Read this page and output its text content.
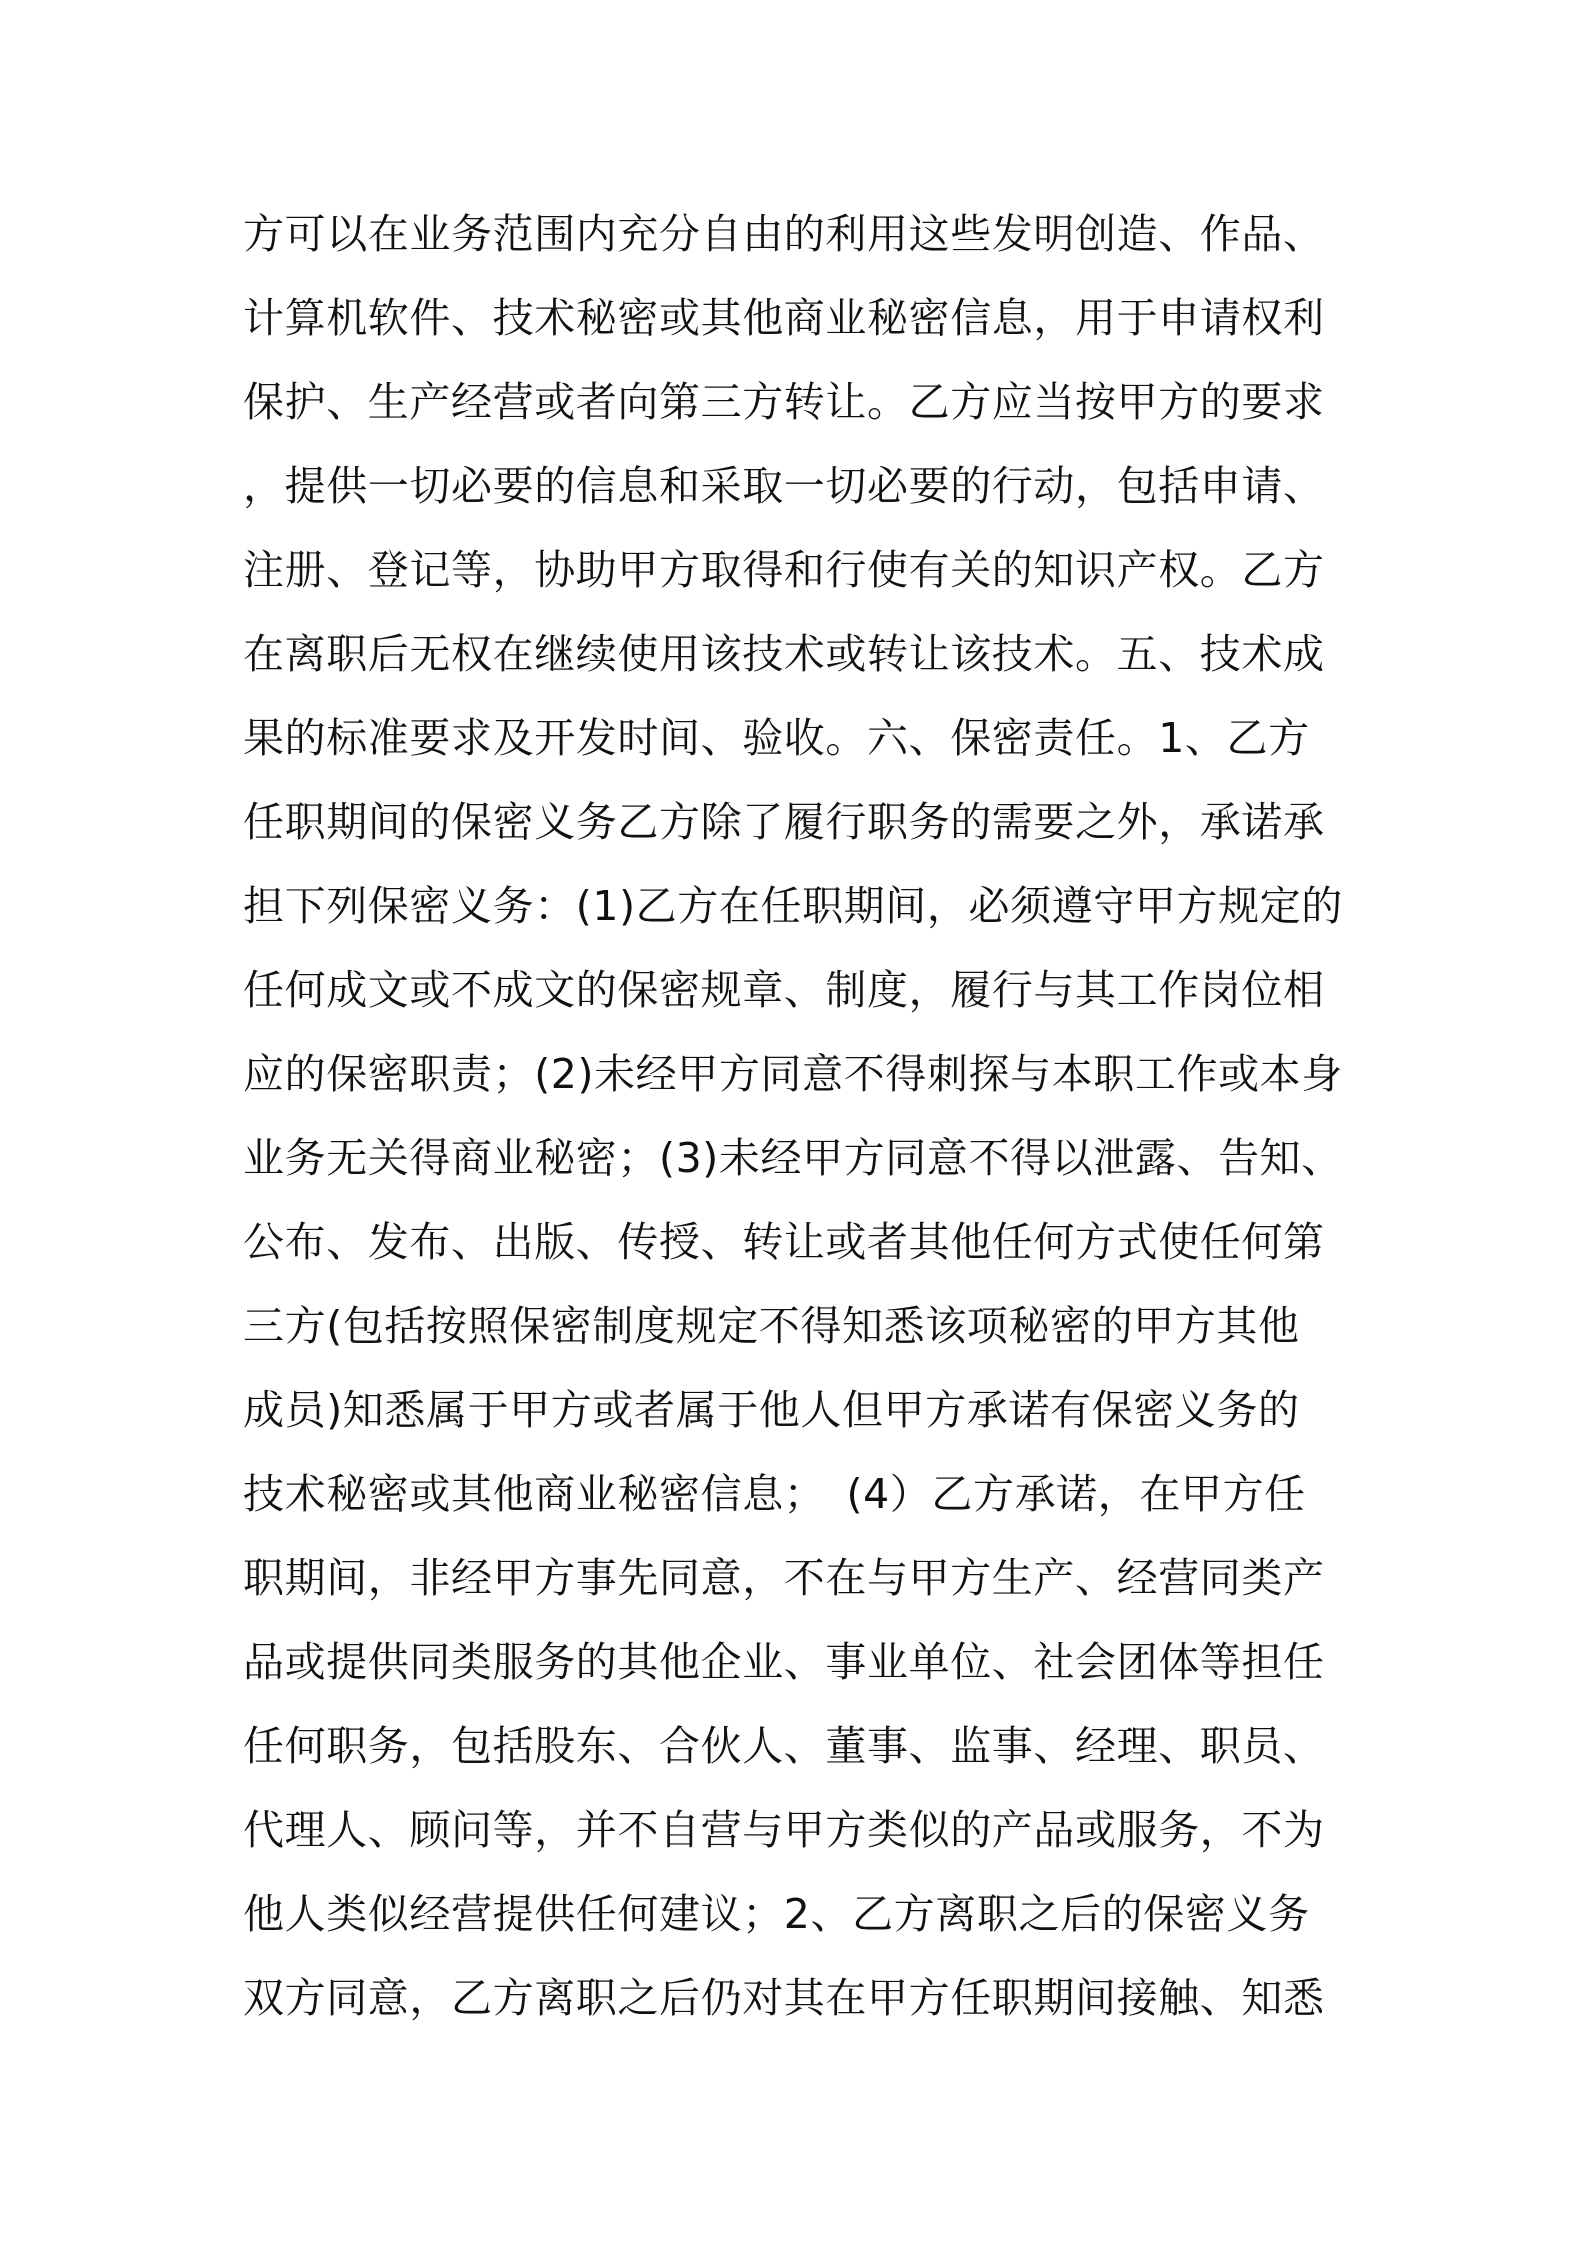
方可以在业务范围内充分自由的利用这些发明创造、作品、
计算机软件、技术秘密或其他商业秘密信息，用于申请权利
保护、生产经营或者向第三方转让。乙方应当按甲方的要求
，提供一切必要的信息和采取一切必要的行动，包括申请、
注册、登记等，协助甲方取得和行使有关的知识产权。乙方
在离职后无权在继续使用该技术或转让该技术。五、技术成
果的标准要求及开发时间、验收。六、保密责任。1、乙方
任职期间的保密义务乙方除了履行职务的需要之外，承诺承
担下列保密义务：(1)乙方在任职期间，必须遵守甲方规定的
任何成文或不成文的保密规章、制度，履行与其工作岗位相
应的保密职责；(2)未经甲方同意不得刺探与本职工作或本身
业务无关得商业秘密；(3)未经甲方同意不得以泄露、告知、
公布、发布、出版、传授、转让或者其他任何方式使任何第
三方(包括按照保密制度规定不得知悉该项秘密的甲方其他
成员)知悉属于甲方或者属于他人但甲方承诺有保密义务的
技术秘密或其他商业秘密信息；　(4）乙方承诺，在甲方任
职期间，非经甲方事先同意，不在与甲方生产、经营同类产
品或提供同类服务的其他企业、事业单位、社会团体等担任
任何职务，包括股东、合伙人、董事、监事、经理、职员、
代理人、顾问等，并不自营与甲方类似的产品或服务，不为
他人类似经营提供任何建议；2、乙方离职之后的保密义务
双方同意，乙方离职之后仍对其在甲方任职期间接触、知悉
